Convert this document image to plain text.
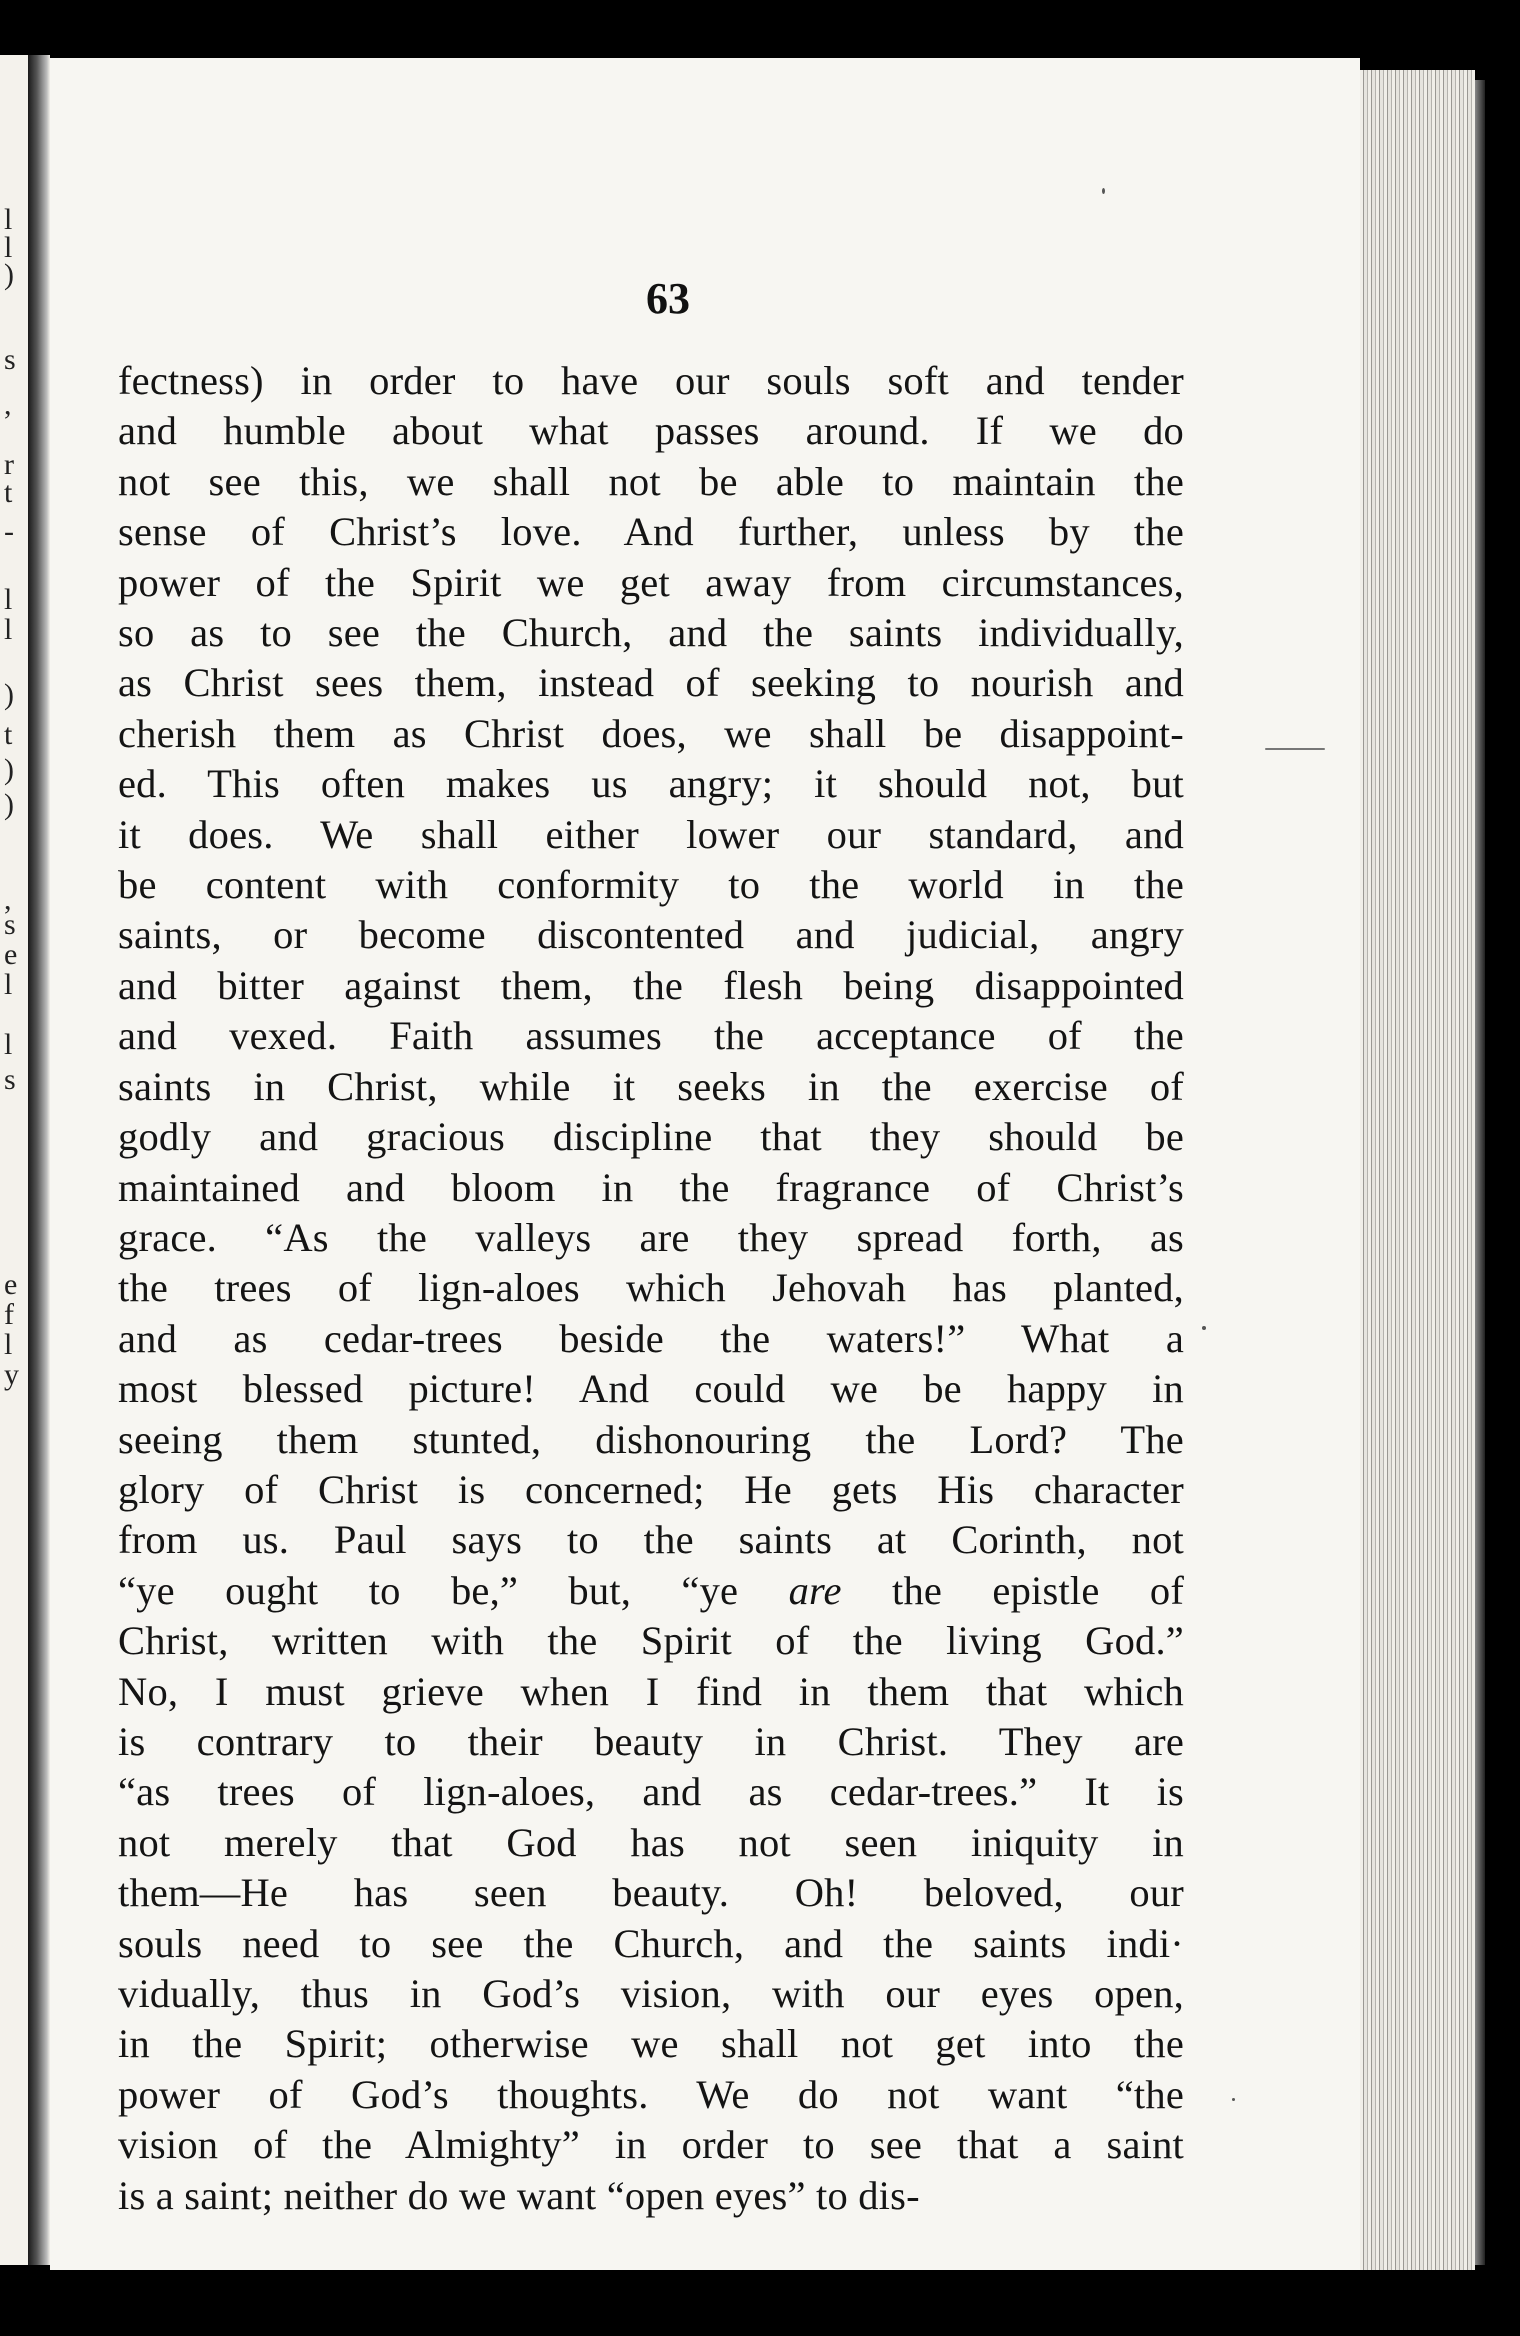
l
l
)
s
,
r
t
-
l
l
)
t
)
)
,
s
e
l
l
s
e
f
l
y

63

fectness) in order to have our souls soft and tender
and humble about what passes around. If we do
not see this, we shall not be able to maintain the
sense of Christ’s love. And further, unless by the
power of the Spirit we get away from circumstances,
so as to see the Church, and the saints individually,
as Christ sees them, instead of seeking to nourish and
cherish them as Christ does, we shall be disappoint-
ed. This often makes us angry; it should not, but
it does. We shall either lower our standard, and
be content with conformity to the world in the
saints, or become discontented and judicial, angry
and bitter against them, the flesh being disappointed
and vexed. Faith assumes the acceptance of the
saints in Christ, while it seeks in the exercise of
godly and gracious discipline that they should be
maintained and bloom in the fragrance of Christ’s
grace. “As the valleys are they spread forth, as
the trees of lign-aloes which Jehovah has planted,
and as cedar-trees beside the waters!” What a
most blessed picture! And could we be happy in
seeing them stunted, dishonouring the Lord? The
glory of Christ is concerned; He gets His character
from us. Paul says to the saints at Corinth, not
“ye ought to be,” but, “ye are the epistle of
Christ, written with the Spirit of the living God.”
No, I must grieve when I find in them that which
is contrary to their beauty in Christ. They are
“as trees of lign-aloes, and as cedar-trees.” It is
not merely that God has not seen iniquity in
them—He has seen beauty. Oh! beloved, our
souls need to see the Church, and the saints indi·
vidually, thus in God’s vision, with our eyes open,
in the Spirit; otherwise we shall not get into the
power of God’s thoughts. We do not want “the
vision of the Almighty” in order to see that a saint
is a saint; neither do we want “open eyes” to dis-
